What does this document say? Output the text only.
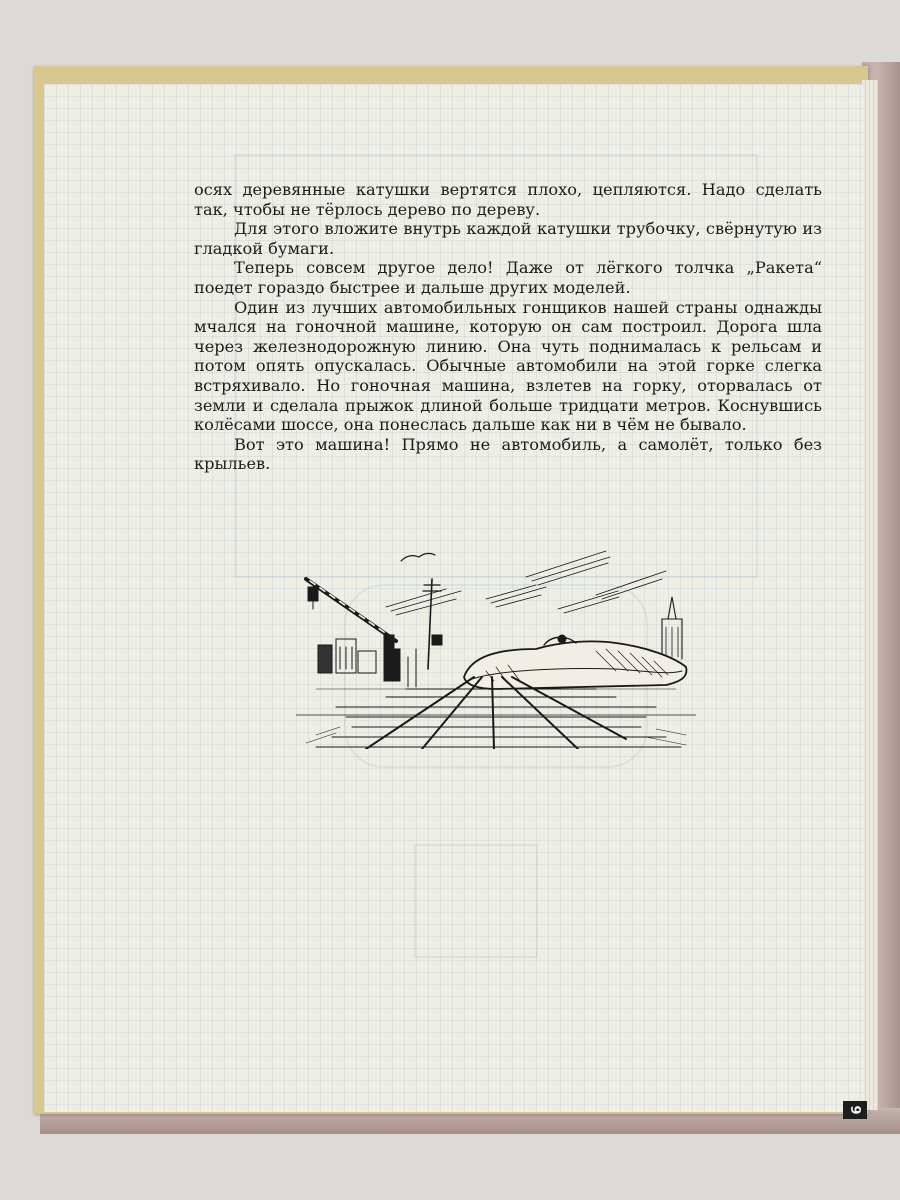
осях деревянные катушки вертятся плохо, цепляются. Надо сделать так, чтобы не тёрлось дерево по дереву.

Для этого вложите внутрь каждой катушки трубочку, свёрнутую из гладкой бумаги.

Теперь совсем другое дело! Даже от лёгкого толчка „Ракета“ поедет гораздо быстрее и дальше других моделей.

Один из лучших автомобильных гонщиков нашей страны однажды мчался на гоночной машине, которую он сам построил. Дорога шла через железнодорожную линию. Она чуть поднималась к рельсам и потом опять опускалась. Обычные автомобили на этой горке слегка встряхивало. Но гоночная машина, взлетев на горку, оторвалась от земли и сделала прыжок длиной больше тридцати метров. Коснувшись колёсами шоссе, она понеслась дальше как ни в чём не бывало.

Вот это машина! Прямо не автомобиль, а самолёт, только без крыльев.

9
